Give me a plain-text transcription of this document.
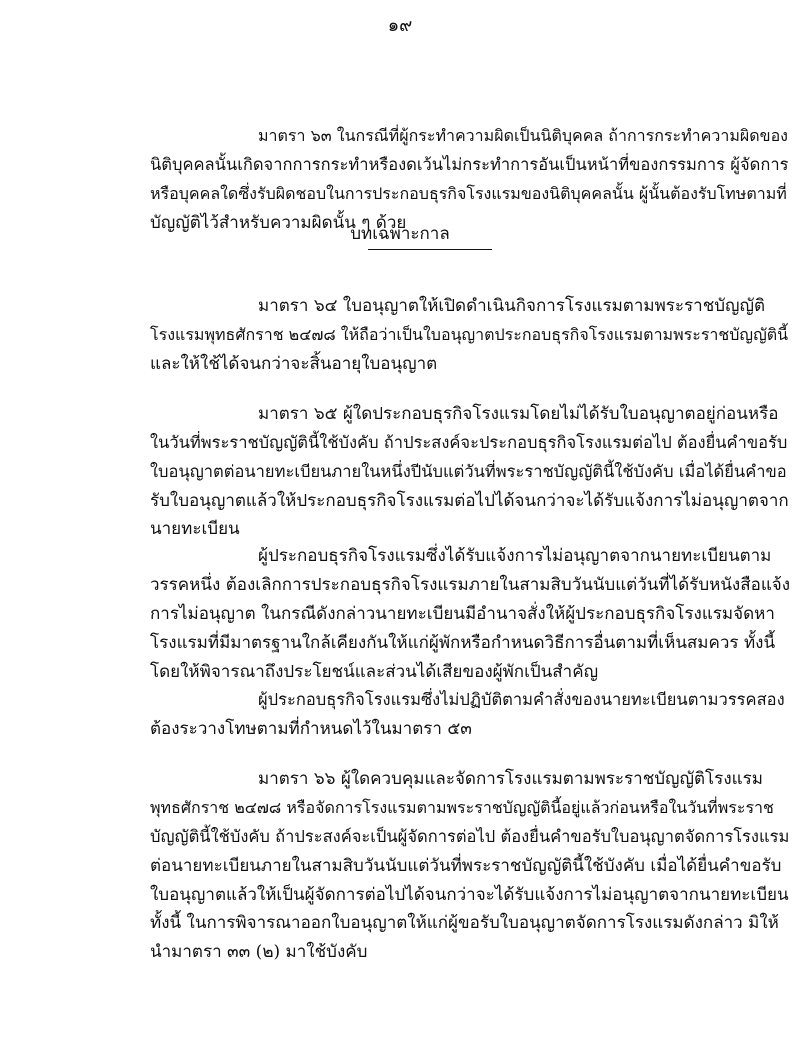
๑๙
มาตรา ๖๓ ในกรณีที่ผู้กระทำความผิดเป็นนิติบุคคล ถ้าการกระทำความผิดของ
นิติบุคคลนั้นเกิดจากการกระทำหรืองดเว้นไม่กระทำการอันเป็นหน้าที่ของกรรมการ ผู้จัดการ
หรือบุคคลใดซึ่งรับผิดชอบในการประกอบธุรกิจโรงแรมของนิติบุคคลนั้น ผู้นั้นต้องรับโทษตามที่
บัญญัติไว้สำหรับความผิดนั้น ๆ ด้วย
บทเฉพาะกาล
มาตรา ๖๔ ใบอนุญาตให้เปิดดำเนินกิจการโรงแรมตามพระราชบัญญัติ
โรงแรมพุทธศักราช ๒๔๗๘ ให้ถือว่าเป็นใบอนุญาตประกอบธุรกิจโรงแรมตามพระราชบัญญัตินี้
และให้ใช้ได้จนกว่าจะสิ้นอายุใบอนุญาต
มาตรา ๖๕ ผู้ใดประกอบธุรกิจโรงแรมโดยไม่ได้รับใบอนุญาตอยู่ก่อนหรือ
ในวันที่พระราชบัญญัตินี้ใช้บังคับ ถ้าประสงค์จะประกอบธุรกิจโรงแรมต่อไป ต้องยื่นคำขอรับ
ใบอนุญาตต่อนายทะเบียนภายในหนึ่งปีนับแต่วันที่พระราชบัญญัตินี้ใช้บังคับ เมื่อได้ยื่นคำขอ
รับใบอนุญาตแล้วให้ประกอบธุรกิจโรงแรมต่อไปได้จนกว่าจะได้รับแจ้งการไม่อนุญาตจาก
นายทะเบียน
ผู้ประกอบธุรกิจโรงแรมซึ่งได้รับแจ้งการไม่อนุญาตจากนายทะเบียนตาม
วรรคหนึ่ง ต้องเลิกการประกอบธุรกิจโรงแรมภายในสามสิบวันนับแต่วันที่ได้รับหนังสือแจ้ง
การไม่อนุญาต ในกรณีดังกล่าวนายทะเบียนมีอำนาจสั่งให้ผู้ประกอบธุรกิจโรงแรมจัดหา
โรงแรมที่มีมาตรฐานใกล้เคียงกันให้แก่ผู้พักหรือกำหนดวิธีการอื่นตามที่เห็นสมควร ทั้งนี้
โดยให้พิจารณาถึงประโยชน์และส่วนได้เสียของผู้พักเป็นสำคัญ
ผู้ประกอบธุรกิจโรงแรมซึ่งไม่ปฏิบัติตามคำสั่งของนายทะเบียนตามวรรคสอง
ต้องระวางโทษตามที่กำหนดไว้ในมาตรา ๕๓
มาตรา ๖๖ ผู้ใดควบคุมและจัดการโรงแรมตามพระราชบัญญัติโรงแรม
พุทธศักราช ๒๔๗๘ หรือจัดการโรงแรมตามพระราชบัญญัตินี้อยู่แล้วก่อนหรือในวันที่พระราช
บัญญัตินี้ใช้บังคับ ถ้าประสงค์จะเป็นผู้จัดการต่อไป ต้องยื่นคำขอรับใบอนุญาตจัดการโรงแรม
ต่อนายทะเบียนภายในสามสิบวันนับแต่วันที่พระราชบัญญัตินี้ใช้บังคับ เมื่อได้ยื่นคำขอรับ
ใบอนุญาตแล้วให้เป็นผู้จัดการต่อไปได้จนกว่าจะได้รับแจ้งการไม่อนุญาตจากนายทะเบียน
ทั้งนี้ ในการพิจารณาออกใบอนุญาตให้แก่ผู้ขอรับใบอนุญาตจัดการโรงแรมดังกล่าว มิให้
นำมาตรา ๓๓ (๒) มาใช้บังคับ
